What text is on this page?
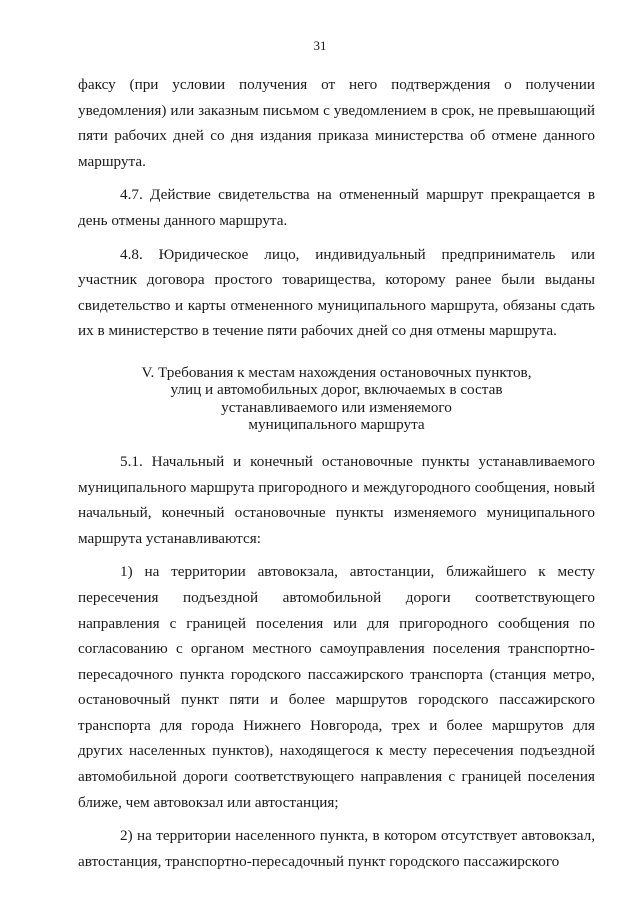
31

факсу (при условии получения от него подтверждения о получении уведомления) или заказным письмом с уведомлением в срок, не превышающий пяти рабочих дней со дня издания приказа министерства об отмене данного маршрута.

4.7. Действие свидетельства на отмененный маршрут прекращается в день отмены данного маршрута.

4.8. Юридическое лицо, индивидуальный предприниматель или участник договора простого товарищества, которому ранее были выданы свидетельство и карты отмененного муниципального маршрута, обязаны сдать их в министерство в течение пяти рабочих дней со дня отмены маршрута.

V. Требования к местам нахождения остановочных пунктов,
улиц и автомобильных дорог, включаемых в состав
устанавливаемого или изменяемого
муниципального маршрута

5.1. Начальный и конечный остановочные пункты устанавливаемого муниципального маршрута пригородного и междугородного сообщения, новый начальный, конечный остановочные пункты изменяемого муниципального маршрута устанавливаются:

1) на территории автовокзала, автостанции, ближайшего к месту пересечения подъездной автомобильной дороги соответствующего направления с границей поселения или для пригородного сообщения по согласованию с органом местного самоуправления поселения транспортно-пересадочного пункта городского пассажирского транспорта (станция метро, остановочный пункт пяти и более маршрутов городского пассажирского транспорта для города Нижнего Новгорода, трех и более маршрутов для других населенных пунктов), находящегося к месту пересечения подъездной автомобильной дороги соответствующего направления с границей поселения ближе, чем автовокзал или автостанция;

2) на территории населенного пункта, в котором отсутствует автовокзал, автостанция, транспортно-пересадочный пункт городского пассажирского
